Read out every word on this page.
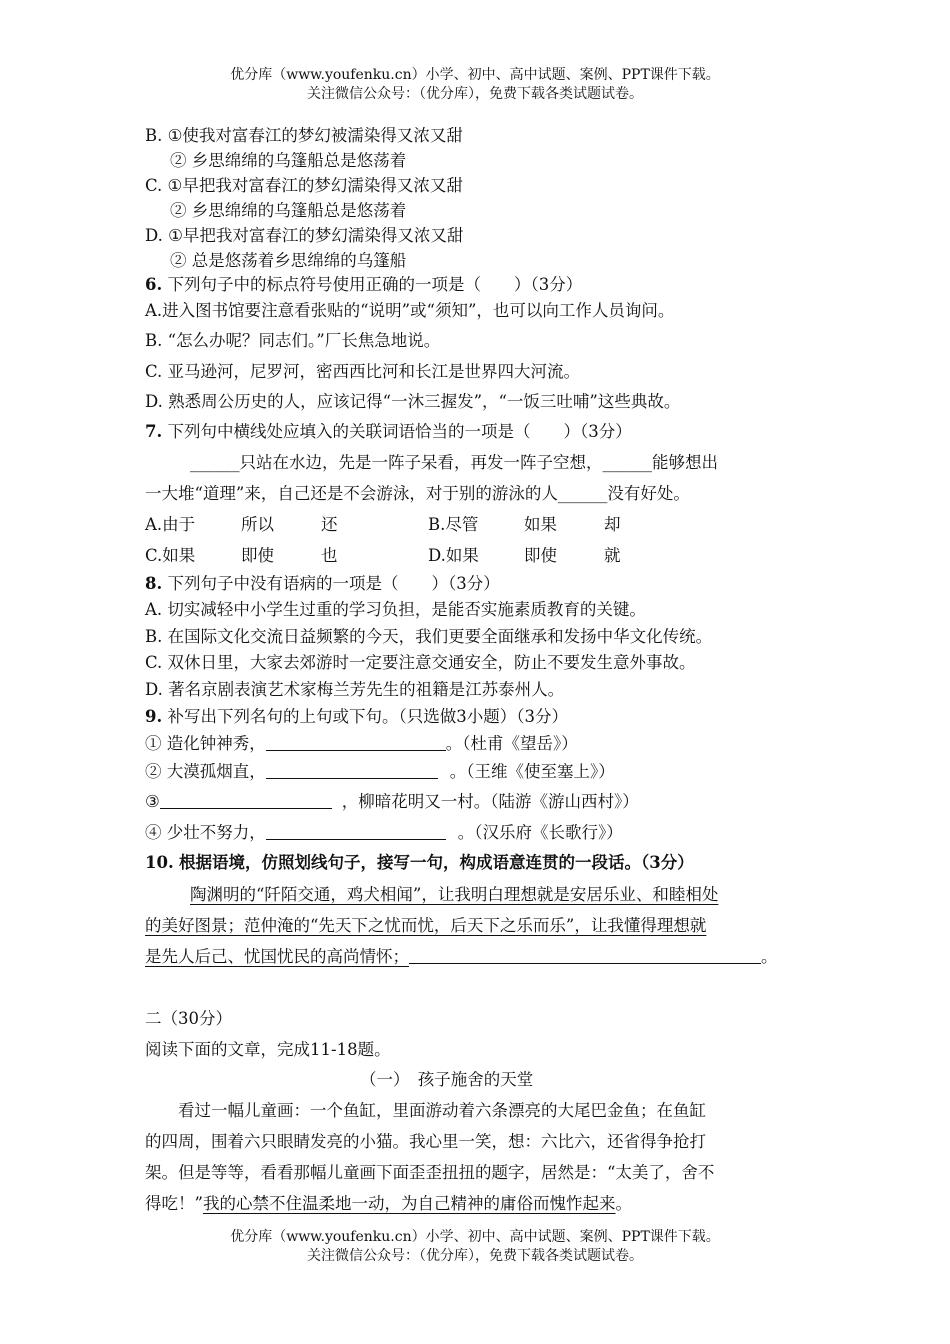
优分库（www.youfenku.cn）小学、初中、高中试题、案例、PPT课件下载。
关注微信公众号：（优分库），免费下载各类试题试卷。
B. ①使我对富春江的梦幻被濡染得又浓又甜
② 乡思绵绵的乌篷船总是悠荡着
C. ①早把我对富春江的梦幻濡染得又浓又甜
② 乡思绵绵的乌篷船总是悠荡着
D. ①早把我对富春江的梦幻濡染得又浓又甜
② 总是悠荡着乡思绵绵的乌篷船
6. 下列句子中的标点符号使用正确的一项是（　　）（3分）
A.进入图书馆要注意看张贴的“说明”或“须知”，也可以向工作人员询问。
B. “怎么办呢？同志们。”厂长焦急地说。
C. 亚马逊河，尼罗河，密西西比河和长江是世界四大河流。
D. 熟悉周公历史的人，应该记得“一沐三握发”，“一饭三吐哺”这些典故。
7. 下列句中横线处应填入的关联词语恰当的一项是（　　）（3分）
______只站在水边，先是一阵子呆看，再发一阵子空想，______能够想出
一大堆“道理”来，自己还是不会游泳，对于别的游泳的人______没有好处。
A.由于	所以	还	B.尽管	如果	却
C.如果	即使	也	D.如果	即使	就
8. 下列句子中没有语病的一项是（　　）（3分）
A. 切实减轻中小学生过重的学习负担，是能否实施素质教育的关键。
B. 在国际文化交流日益频繁的今天，我们更要全面继承和发扬中华文化传统。
C. 双休日里，大家去郊游时一定要注意交通安全，防止不要发生意外事故。
D. 著名京剧表演艺术家梅兰芳先生的祖籍是江苏泰州人。
9. 补写出下列名句的上句或下句。（只选做3小题）（3分）
① 造化钟神秀，	。（杜甫《望岳》）
② 大漠孤烟直，	。（王维《使至塞上》）
③	，柳暗花明又一村。（陆游《游山西村》）
④ 少壮不努力，	。（汉乐府《长歌行》）
10. 根据语境，仿照划线句子，接写一句，构成语意连贯的一段话。（3分）
陶渊明的“阡陌交通，鸡犬相闻”，让我明白理想就是安居乐业、和睦相处
的美好图景；范仲淹的“先天下之忧而忧，后天下之乐而乐”，让我懂得理想就
是先人后己、忧国忧民的高尚情怀；	。
二（30分）
阅读下面的文章，完成11-18题。
（一）　孩子施舍的天堂
看过一幅儿童画：一个鱼缸，里面游动着六条漂亮的大尾巴金鱼；在鱼缸
的四周，围着六只眼睛发亮的小猫。我心里一笑，想：六比六，还省得争抢打
架。但是等等，看看那幅儿童画下面歪歪扭扭的题字，居然是：“太美了，舍不
得吃！”我的心禁不住温柔地一动，为自己精神的庸俗而愧怍起来。
优分库（www.youfenku.cn）小学、初中、高中试题、案例、PPT课件下载。
关注微信公众号：（优分库），免费下载各类试题试卷。
